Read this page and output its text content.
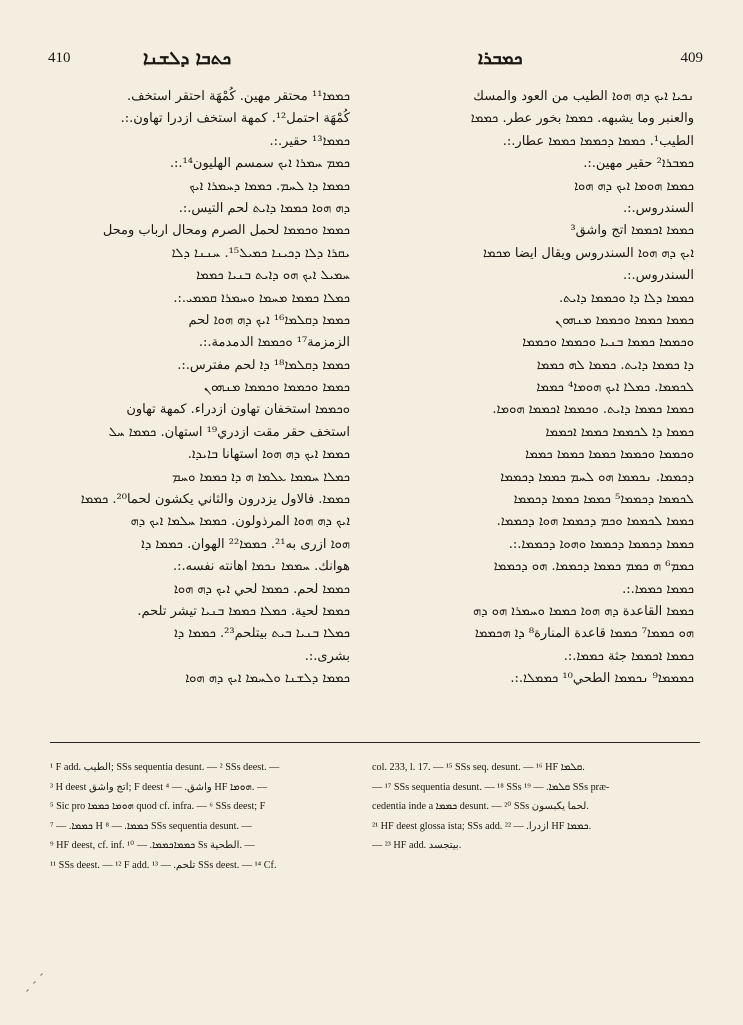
410	ܟܬܒܐ ܕܠܫܢܐ	ܟܡܒܪܐ	409
ܟܡܡܐ¹¹ محتقر مهين. كُمْهَة احتقر استخف.
كُمْهَة احتمل¹². كمهة استخف ازدرا تهاون.:.
ܟܡܡܐ¹³ حقير.:.
ܟܡܡ ܚܡܪܐ ܐܝܟ سمسم الهليون¹⁴.:.
ܟܡܡܐ ܕܐ ܠܚܡ. ܟܡܡܐ ܕܚܡܪܐ ܐܝܟ
ܕܗ ܗܘܐ ܟܡܡܐ ܕܐܝܬ لحم التيس.:.
ܟܡܡܐ ܘܟܡܡܐ لحمل الصرم ومحال ارباب ومحل
ܝܩܪܐ ܕܠܐ ܕܟܝܢܐ ܟܡܝܠ¹⁵. ܚܢܢܐ ܕܠܐ
ܚܡܝܠ ܐܝܟ ܗܘ ܕܐܝܬ ܒܢܝܐ ܟܡܡܐ
ܟܡܠܐ ܟܡܡܐ ܡܚܡܐ ܘܚܡܪܐ ܩܡܡܝ.:.
ܟܡܡܐ ܕܩܠܡܐ¹⁶ ܐܝܟ ܕܗ ܗܘܐ لحم
الزمزمة¹⁷ ܘܟܡܡܐ الدمدمة.:.
ܟܡܡܐ ܕܩܠܡܐ¹⁸ ܕܐ لحم مفترس.:.
ܟܡܡܐ ܘܟܡܡܐ ܘܟܡܡܐ ܡܢܗܘܢ
ܘܟܡܡܐ استخفان تهاون ازدراء. كمهة تهاون
استخف حقر مقت ازدري¹⁹ استهان. ܟܡܡܐ ܚܠ
ܟܡܡܐ ܐܝܟ ܕܗ ܗܘܐ استهانا ܒܐܝܕܐ.
ܟܡܠܐ ܚܡܡܐ ܥܠܡܐ ܗ ܕܐ ܟܡܡܐ ܘܚܡ
ܟܡܡܐ. فالاول يزدرون والثاني يكشون لحما²⁰. ܟܡܡܐ
ܐܝܟ ܕܗ ܗܘܐ المرذولون. ܟܡܡܐ ܚܠܡܐ ܐܝܟ ܕܗ
ܗܘܐ ازرى به²¹. ܟܡܡܐ²² الهوان. ܟܡܡܐ ܕܐ
هوانك. ܚܡܡܐ ܢܟܡܐ اهانته نفسه.:.
ܟܡܡܐ لحم. ܟܡܡܐ لحي ܐܝܟ ܕܗ ܗܘܐ
ܟܡܡܐ لحية. ܟܡܠܐ ܟܡܡܐ ܒܢܝܐ تيشر تلحم.
ܟܡܠܐ ܒܢܝܐ ܒܝܬ بيتلحم²³. ܟܡܡܐ ܕܐ
بشرى.:.
ܟܡܡܐ ܕܠܫܢܐ ܘܠܚܡܐ ܐܝܟ ܕܗ ܗܘܐ
ܢܟܝܐ ܐܝܟ ܕܗ ܗܘܐ الطيب من العود والمسك
والعنبر وما يشبهه. ܟܡܡܐ بخور عطر. ܟܡܡܐ
الطيب¹. ܟܡܡܐ ܕܟܡܡܐ ܟܡܡܐ عطار.:.
ܟܡܒܪܐ² حقير مهين.:.
ܟܡܡܐ ܗܘܡܐ ܐܝܟ ܕܗ ܗܘܐ
السندروس.:.
ܟܡܡܐ ܐܟܡܡܐ اتج واشق³
ܐܝܟ ܕܗ ܗܘܐ السندروس ويقال ايضا ܡܟܡܐ
السندروس.:.
ܟܡܡܐ ܕܠܐ ܕܐ ܘܟܡܡܐ ܕܐܝܬ.
ܟܡܡܐ ܟܡܡܐ ܘܟܡܡܐ ܡܢܗܘܢ
ܘܟܡܡܐ ܟܡܡܐ ܒܢܝܐ ܘܟܡܡܐ ܘܟܡܡܐ
ܕܐ ܟܡܡܐ ܕܐܝܬ. ܟܡܡܐ ܠܗ ܟܡܡܐ
ܠܟܡܡܐ. ܟܡܠܐ ܐܝܟ ܗܘܡܐ⁴ ܟܡܡܐ
ܟܡܡܐ ܟܡܡܐ ܕܐܝܬ. ܘܟܡܡܐ ܐܟܡܡܐ ܗܘܡܐ.
ܟܡܡܐ ܕܐ ܠܟܡܡܐ ܟܡܡܐ ܐܟܡܡܐ
ܘܟܡܡܐ ܘܟܡܡܐ ܟܡܡܐ ܟܡܡܐ ܟܡܡܐ
ܕܟܡܡܐ. ܢܟܡܡܐ ܗܘ ܠܚܡ ܟܡܡܐ ܕܟܡܡܐ
ܠܟܡܡܐ ܕܟܡܡܐ⁵ ܟܡܡܐ ܟܡܡܐ ܕܟܡܡܐ
ܟܡܡܐ ܠܟܡܡܐ ܘܟܡ ܕܟܡܡܐ ܗܘܐ ܕܟܡܡܐ.
ܟܡܡܐ ܕܟܡܡܐ ܕܟܡܡܐ ܘܗܘܐ ܕܟܡܡܐ.:.
ܟܡܡ⁶ ܗ ܟܡܡ ܟܡܡܐ ܕܟܡܡܐ. ܗܘ ܕܟܡܡܐ
ܟܡܡܐ ܟܡܡܐ.:.
ܟܡܡܐ القاعدة ܕܗ ܗܘܐ ܟܡܡܐ ܘܚܡܪܐ ܗܘ ܕܗ
ܗܘ ܟܡܡܐ⁷ ܟܡܡܐ قاعدة المنارة⁸ ܕܐ ܗܟܡܡܐ
ܟܡܡܐ ܐܟܡܡܐ جثة ܟܡܡܐ.:.
ܟܡܡܡܐ⁹ ܢܟܡܡܐ الطحي¹⁰ ܟܡܡܠܐ.:.
¹ F add. الطيب; SSs sequentia desunt. — ² SSs deest. —
³ H deest اتج واشق; F deest واشق. — ⁴ HF ܗܘܡܐ. —
⁵ Sic pro ܗܘܡܐ ܟܡܡܐ quod cf. infra. — ⁶ SSs deest; F
ܟܡܡܐ. — ⁷ H ܟܡܡܐ. — ⁸ SSs sequentia desunt. —
⁹ HF deest, cf. inf. ܟܡܡܐܟܡܡܐ. — ¹⁰ Ss الطحية. —
¹¹ SSs deest. — ¹² F add. تلحم. — ¹³ SSs deest. — ¹⁴ Cf.
col. 233, l. 17. — ¹⁵ SSs seq. desunt. — ¹⁶ HF ܩܠܡܐ.
— ¹⁷ SSs sequentia desunt. — ¹⁸ SSs ܩܠܡܐ. — ¹⁹ SSs præ-
cedentia inde a ܟܡܡܐ desunt. — ²⁰ SSs لحما يكبسون.
²¹ HF deest glossa ista; SSs add. ازدرا. — ²² HF ܟܡܡܐ.
— ²³ HF add. بيتجسد.
